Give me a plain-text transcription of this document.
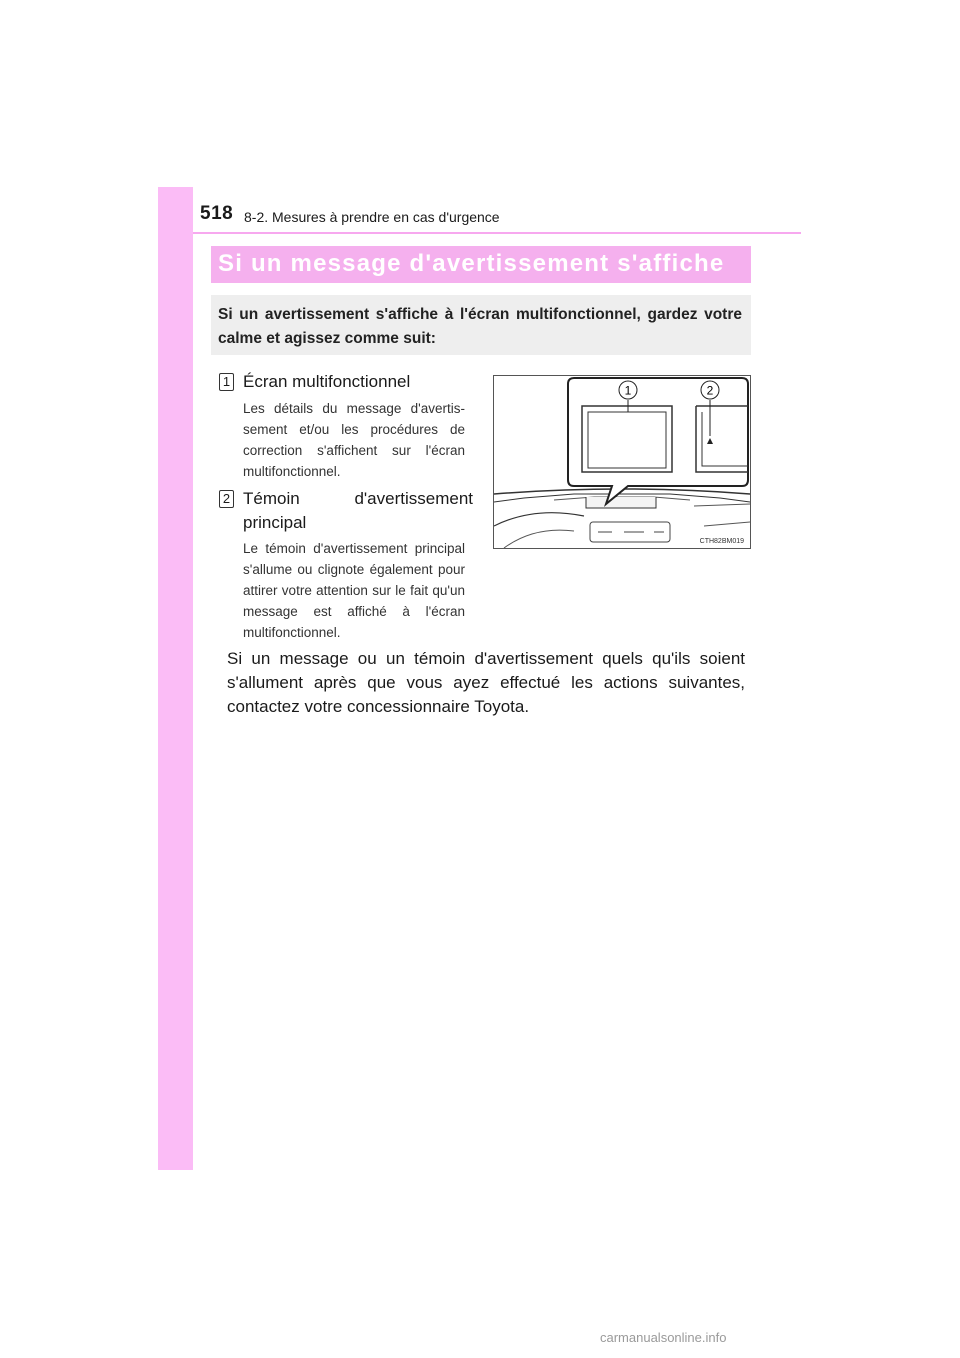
518 8-2. Mesures à prendre en cas d'urgence
Si un message d'avertissement s'affiche
Si un avertissement s'affiche à l'écran multifonctionnel, gardez votre calme et agissez comme suit:
1 Écran multifonctionnel
Les détails du message d'avertissement et/ou les procédures de correction s'affichent sur l'écran multifonctionnel.
2 Témoin d'avertissement principal
Le témoin d'avertissement principal s'allume ou clignote également pour attirer votre attention sur le fait qu'un message est affiché à l'écran multifonctionnel.
1	2
CTH82BM019
Si un message ou un témoin d'avertissement quels qu'ils soient s'allument après que vous ayez effectué les actions suivantes, contactez votre concessionnaire Toyota.
carmanualsonline.info
